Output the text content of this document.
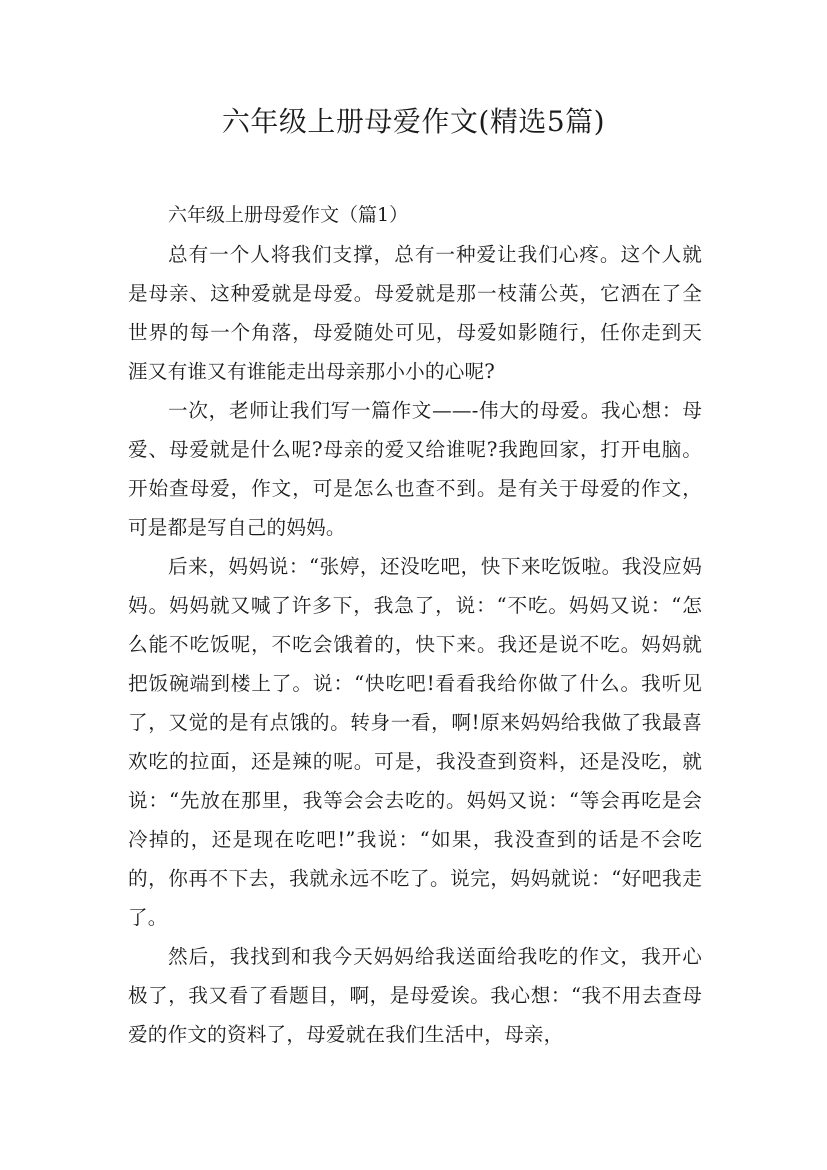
六年级上册母爱作文(精选5篇)
六年级上册母爱作文（篇1）

总有一个人将我们支撑，总有一种爱让我们心疼。这个人就是母亲、这种爱就是母爱。母爱就是那一枝蒲公英，它洒在了全世界的每一个角落，母爱随处可见，母爱如影随行，任你走到天涯又有谁又有谁能走出母亲那小小的心呢?

一次，老师让我们写一篇作文——-伟大的母爱。我心想：母爱、母爱就是什么呢?母亲的爱又给谁呢?我跑回家，打开电脑。开始查母爱，作文，可是怎么也查不到。是有关于母爱的作文，可是都是写自己的妈妈。

后来，妈妈说：“张婷，还没吃吧，快下来吃饭啦。我没应妈妈。妈妈就又喊了许多下，我急了，说：“不吃。妈妈又说：“怎么能不吃饭呢，不吃会饿着的，快下来。我还是说不吃。妈妈就把饭碗端到楼上了。说：“快吃吧!看看我给你做了什么。我听见了，又觉的是有点饿的。转身一看，啊!原来妈妈给我做了我最喜欢吃的拉面，还是辣的呢。可是，我没查到资料，还是没吃，就说：“先放在那里，我等会会去吃的。妈妈又说：“等会再吃是会冷掉的，还是现在吃吧!”我说：“如果，我没查到的话是不会吃的，你再不下去，我就永远不吃了。说完，妈妈就说：“好吧我走了。

然后，我找到和我今天妈妈给我送面给我吃的作文，我开心极了，我又看了看题目，啊，是母爱诶。我心想：“我不用去查母爱的作文的资料了，母爱就在我们生活中，母亲，
